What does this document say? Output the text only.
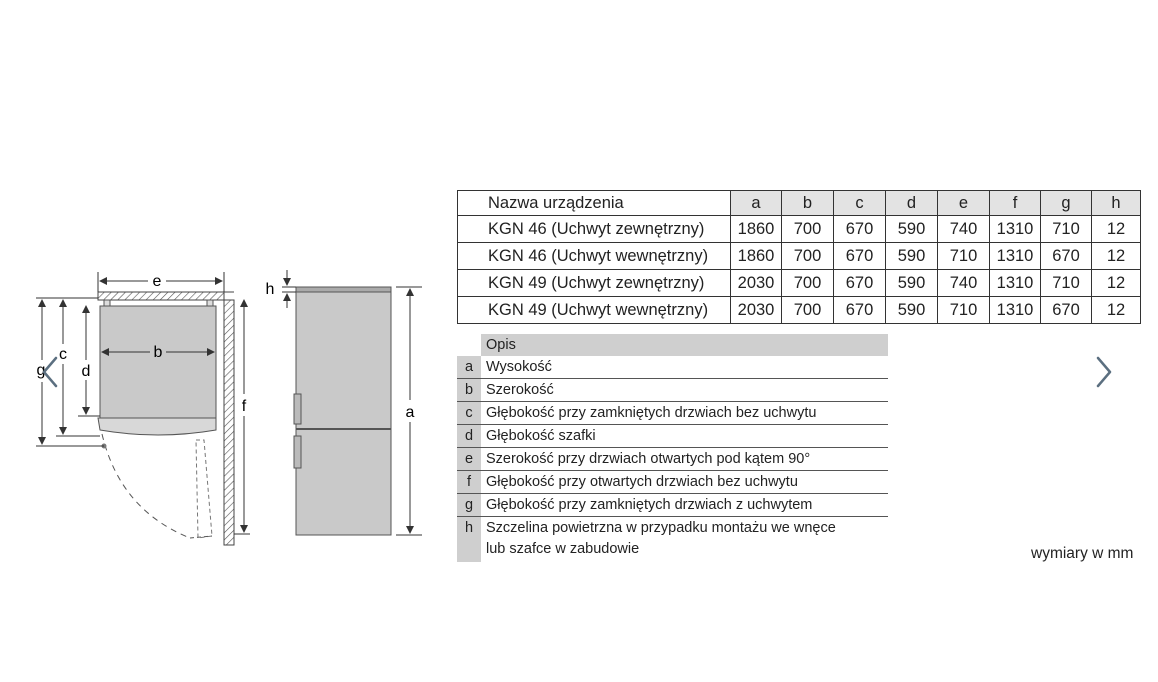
e
b
g
c
d
f
h
a
Nazwa urządzenia	a	b	c	d	e	f	g	h
KGN 46 (Uchwyt zewnętrzny)	1860	700	670	590	740	1310	710	12
KGN 46 (Uchwyt wewnętrzny)	1860	700	670	590	710	1310	670	12
KGN 49 (Uchwyt zewnętrzny)	2030	700	670	590	740	1310	710	12
KGN 49 (Uchwyt wewnętrzny)	2030	700	670	590	710	1310	670	12
Opis
a Wysokość
b Szerokość
c Głębokość przy zamkniętych drzwiach bez uchwytu
d Głębokość szafki
e Szerokość przy drzwiach otwartych pod kątem 90°
f	Głębokość przy otwartych drzwiach bez uchwytu
g Głębokość przy zamkniętych drzwiach z uchwytem
h Szczelina powietrzna w przypadku montażu we wnęce
lub szafce w zabudowie	wymiary w mm
